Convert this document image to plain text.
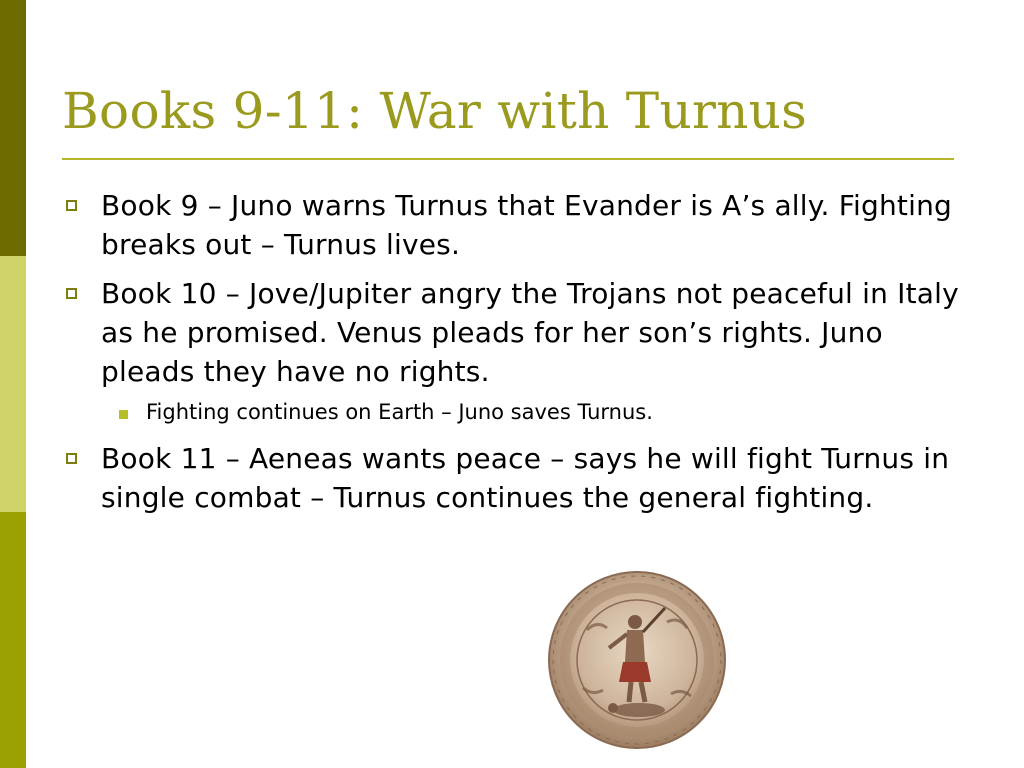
Books 9-11: War with Turnus
Book 9 – Juno warns Turnus that Evander is A’s ally. Fighting breaks out – Turnus lives.
Book 10 – Jove/Jupiter angry the Trojans not peaceful in Italy as he promised. Venus pleads for her son’s rights. Juno pleads they have no rights.
Fighting continues on Earth – Juno saves Turnus.
Book 11 – Aeneas wants peace – says he will fight Turnus in single combat – Turnus continues the general fighting.
